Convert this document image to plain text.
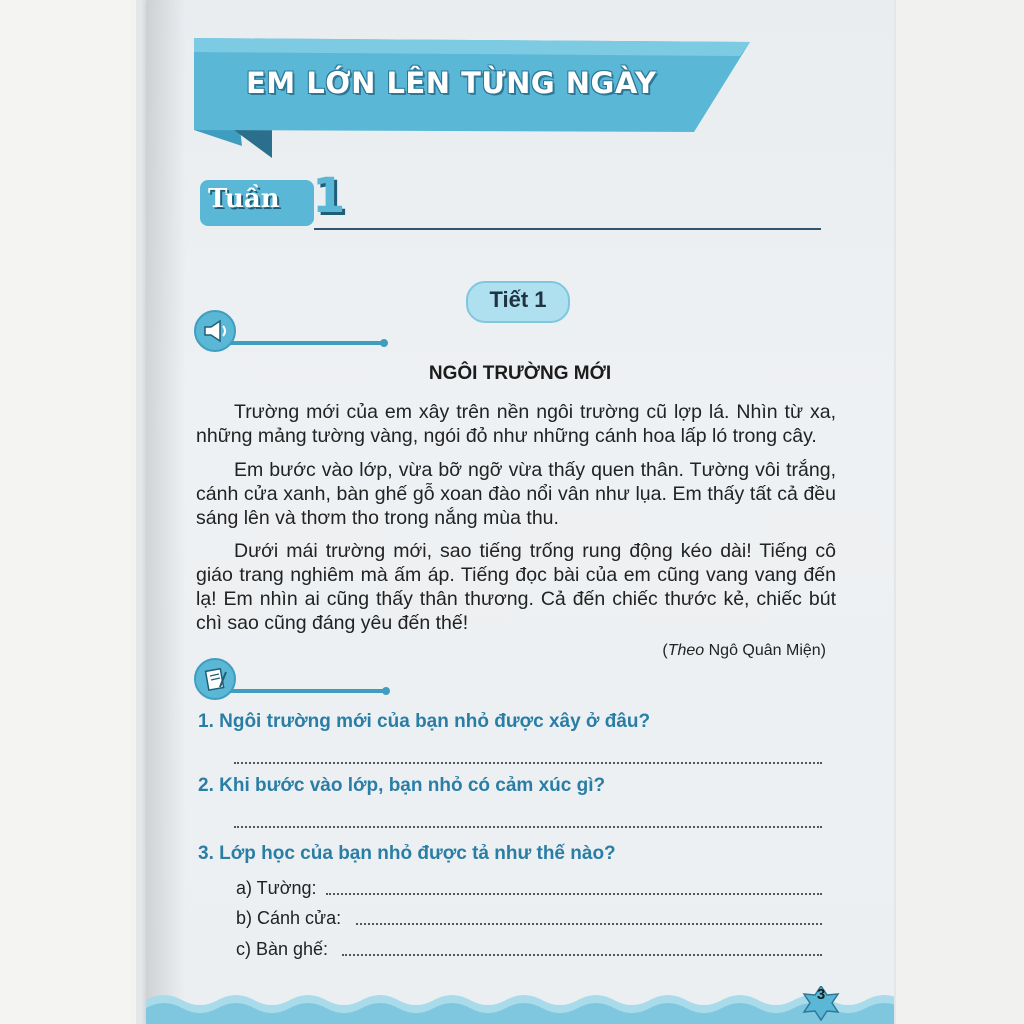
EM LỚN LÊN TỪNG NGÀY
Tuần 1
Tiết 1
NGÔI TRƯỜNG MỚI

Trường mới của em xây trên nền ngôi trường cũ lợp lá. Nhìn từ xa, những mảng tường vàng, ngói đỏ như những cánh hoa lấp ló trong cây.

Em bước vào lớp, vừa bỡ ngỡ vừa thấy quen thân. Tường vôi trắng, cánh cửa xanh, bàn ghế gỗ xoan đào nổi vân như lụa. Em thấy tất cả đều sáng lên và thơm tho trong nắng mùa thu.

Dưới mái trường mới, sao tiếng trống rung động kéo dài! Tiếng cô giáo trang nghiêm mà ấm áp. Tiếng đọc bài của em cũng vang vang đến lạ! Em nhìn ai cũng thấy thân thương. Cả đến chiếc thước kẻ, chiếc bút chì sao cũng đáng yêu đến thế!

(Theo Ngô Quân Miện)
1. Ngôi trường mới của bạn nhỏ được xây ở đâu?
2. Khi bước vào lớp, bạn nhỏ có cảm xúc gì?
3. Lớp học của bạn nhỏ được tả như thế nào?
a) Tường:
b) Cánh cửa:
c) Bàn ghế:
3
